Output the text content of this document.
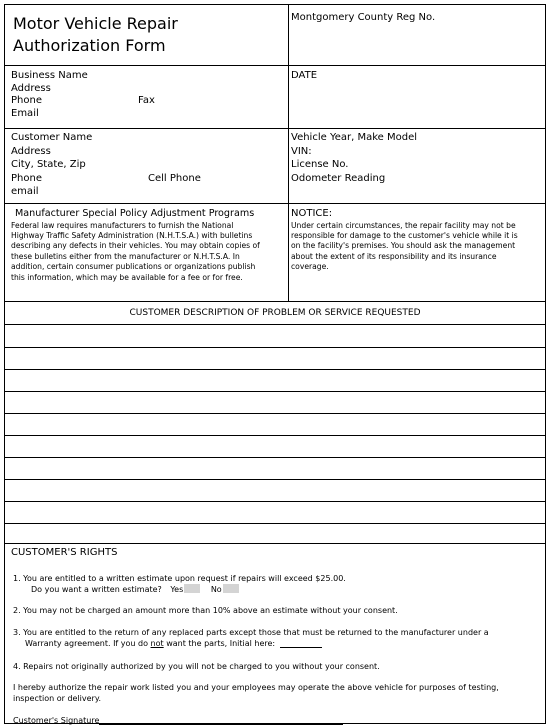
Motor Vehicle Repair
Authorization Form
Montgomery County Reg No.
Business Name
Address
Phone	Fax
Email
DATE
Customer Name
Address
City, State, Zip
Phone	Cell Phone
email
Vehicle Year, Make Model
VIN:
License No.
Odometer Reading
Manufacturer Special Policy Adjustment Programs
Federal law requires manufacturers to furnish the National
Highway Traffic Safety Administration (N.H.T.S.A.) with bulletins
describing any defects in their vehicles. You may obtain copies of
these bulletins either from the manufacturer or N.H.T.S.A. In
addition, certain consumer publications or organizations publish
this information, which may be available for a fee or for free.
NOTICE:
Under certain circumstances, the repair facility may not be
responsible for damage to the customer's vehicle while it is
on the facility's premises. You should ask the management
about the extent of its responsibility and its insurance
coverage.
CUSTOMER DESCRIPTION OF PROBLEM OR SERVICE REQUESTED
CUSTOMER'S RIGHTS
1. You are entitled to a written estimate upon request if repairs will exceed $25.00.
Do you want a written estimate? Yes	No
2. You may not be charged an amount more than 10% above an estimate without your consent.
3. You are entitled to the return of any replaced parts except those that must be returned to the manufacturer under a
Warranty agreement. If you do not want the parts, Initial here:
4. Repairs not originally authorized by you will not be charged to you without your consent.
I hereby authorize the repair work listed you and your employees may operate the above vehicle for purposes of testing,
inspection or delivery.
Customer's Signature
